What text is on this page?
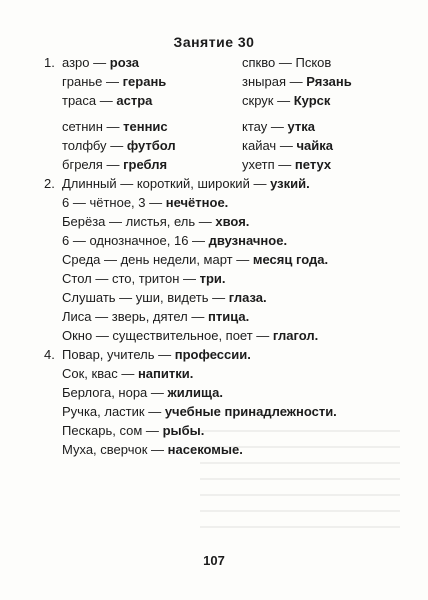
Занятие 30
1. азро — роза
гранье — герань
траса — астра
сетнин — теннис
толфбу — футбол
бгреля — гребля
спкво — Псков
знырая — Рязань
скрук — Курск
ктау — утка
кайач — чайка
ухетп — петух
2. Длинный — короткий, широкий — узкий.
6 — чётное, 3 — нечётное.
Берёза — листья, ель — хвоя.
6 — однозначное, 16 — двузначное.
Среда — день недели, март — месяц года.
Стол — сто, тритон — три.
Слушать — уши, видеть — глаза.
Лиса — зверь, дятел — птица.
Окно — существительное, поет — глагол.
4. Повар, учитель — профессии.
Сок, квас — напитки.
Берлога, нора — жилища.
Ручка, ластик — учебные принадлежности.
Пескарь, сом — рыбы.
Муха, сверчок — насекомые.
107
